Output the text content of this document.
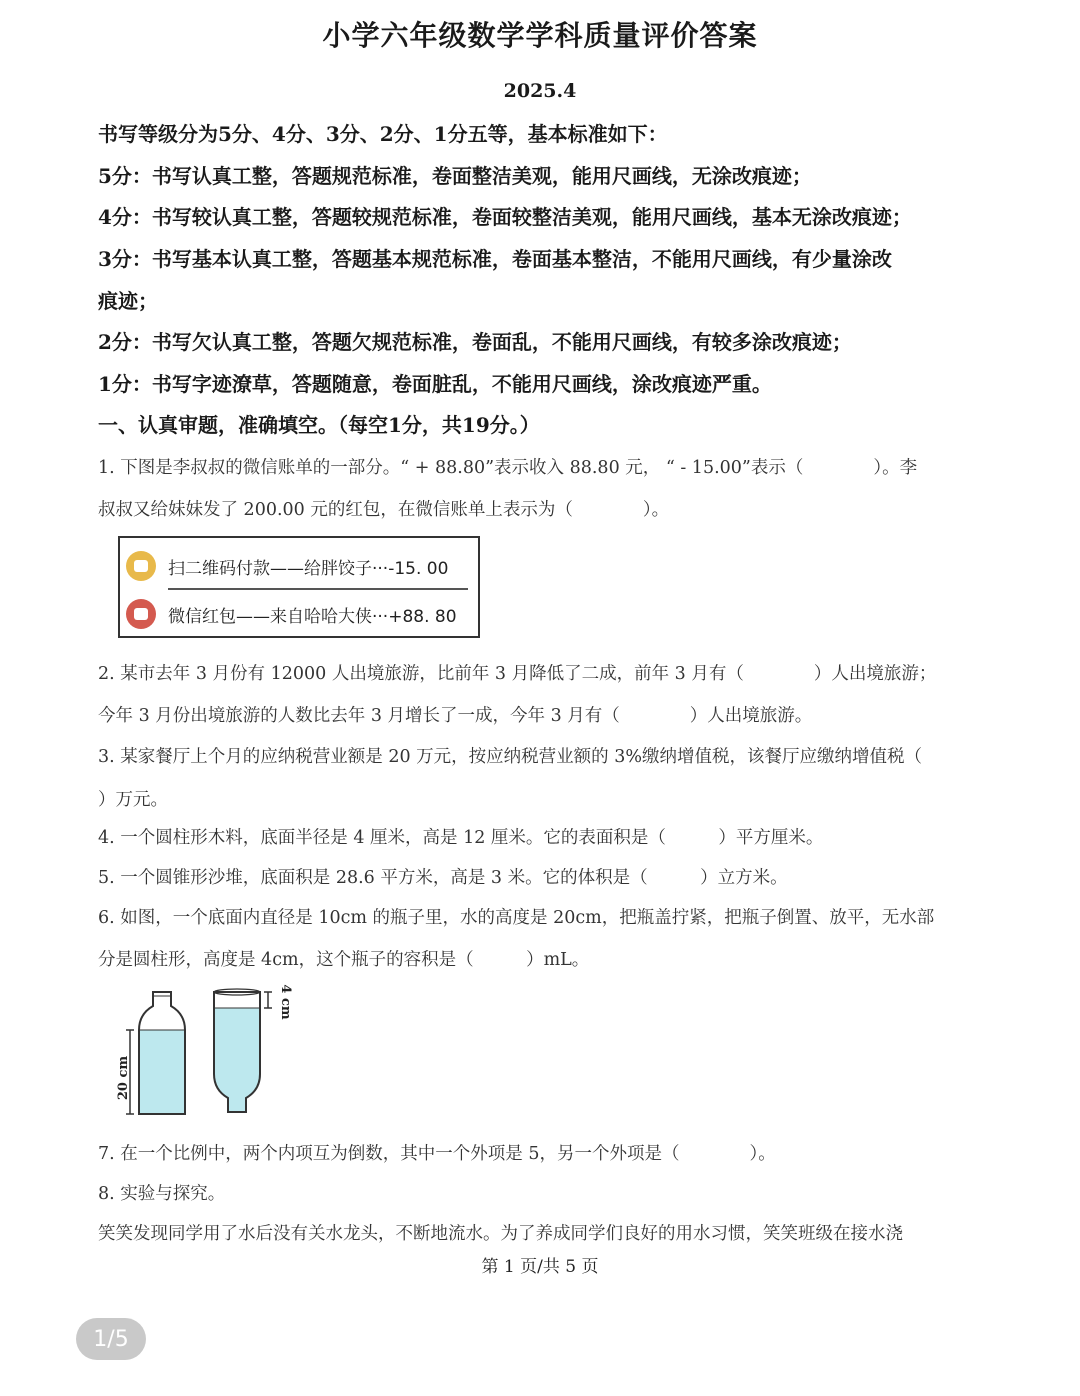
小学六年级数学学科质量评价答案
2025.4
书写等级分为5分、4分、3分、2分、1分五等，基本标准如下：
5分：书写认真工整，答题规范标准，卷面整洁美观，能用尺画线，无涂改痕迹；
4分：书写较认真工整，答题较规范标准，卷面较整洁美观，能用尺画线，基本无涂改痕迹；
3分：书写基本认真工整，答题基本规范标准，卷面基本整洁，不能用尺画线，有少量涂改
痕迹；
2分：书写欠认真工整，答题欠规范标准，卷面乱，不能用尺画线，有较多涂改痕迹；
1分：书写字迹潦草，答题随意，卷面脏乱，不能用尺画线，涂改痕迹严重。
一、认真审题，准确填空。（每空1分，共19分。）
1. 下图是李叔叔的微信账单的一部分。“ + 88.80”表示收入 88.80 元， “ - 15.00”表示（　　　　）。李
叔叔又给妹妹发了 200.00 元的红包，在微信账单上表示为（　　　　）。
扫二维码付款——给胖饺子···-15. 00
微信红包——来自哈哈大侠···+88. 80
2. 某市去年 3 月份有 12000 人出境旅游，比前年 3 月降低了二成，前年 3 月有（　　　　）人出境旅游；
今年 3 月份出境旅游的人数比去年 3 月增长了一成，今年 3 月有（　　　　）人出境旅游。
3. 某家餐厅上个月的应纳税营业额是 20 万元，按应纳税营业额的 3%缴纳增值税，该餐厅应缴纳增值税（
）万元。
4. 一个圆柱形木料，底面半径是 4 厘米，高是 12 厘米。它的表面积是（　　　）平方厘米。
5. 一个圆锥形沙堆，底面积是 28.6 平方米，高是 3 米。它的体积是（　　　）立方米。
6. 如图，一个底面内直径是 10cm 的瓶子里，水的高度是 20cm，把瓶盖拧紧，把瓶子倒置、放平，无水部
分是圆柱形，高度是 4cm，这个瓶子的容积是（　　　）mL。
20 cm
4 cm
7. 在一个比例中，两个内项互为倒数，其中一个外项是 5，另一个外项是（　　　　）。
8. 实验与探究。
笑笑发现同学用了水后没有关水龙头，不断地流水。为了养成同学们良好的用水习惯，笑笑班级在接水浇
第 1 页/共 5 页
1/5
